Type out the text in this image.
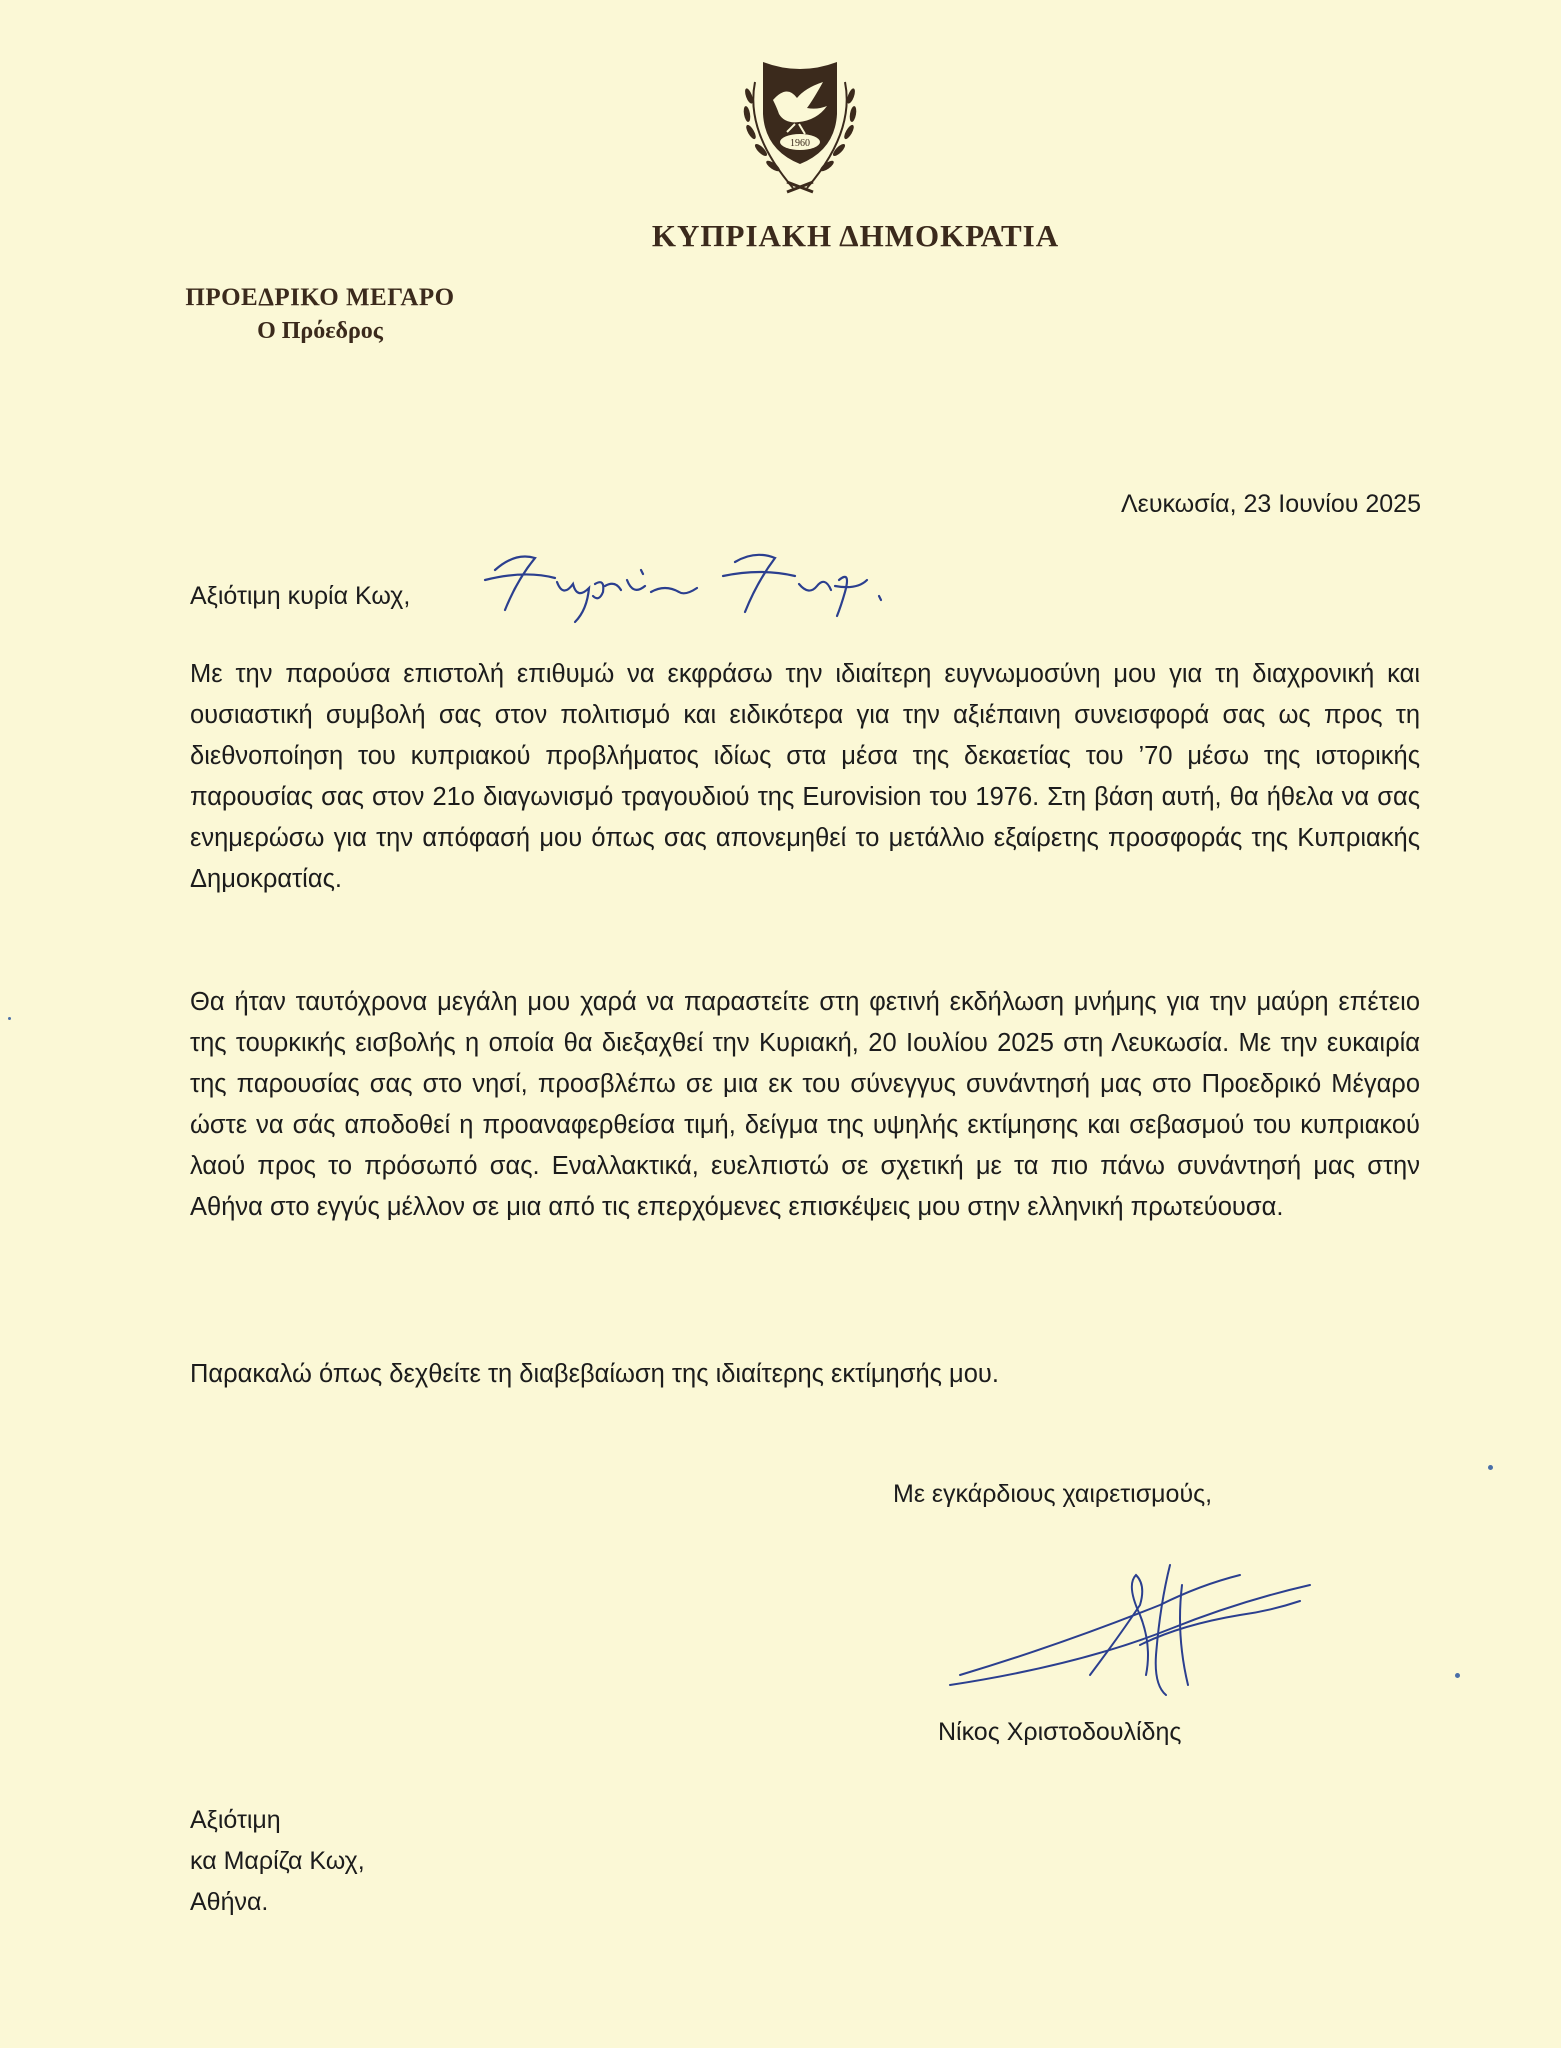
1960
ΚΥΠΡΙΑΚΗ ΔΗΜΟΚΡΑΤΙΑ
ΠΡΟΕΔΡΙΚΟ ΜΕΓΑΡΟ
Ο Πρόεδρος
Λευκωσία, 23 Ιουνίου 2025
Αξιότιμη κυρία Κωχ,

Με την παρούσα επιστολή επιθυμώ να εκφράσω την ιδιαίτερη ευγνωμοσύνη μου για τη διαχρονική και ουσιαστική συμβολή σας στον πολιτισμό και ειδικότερα για την αξιέπαινη συνεισφορά σας ως προς τη διεθνοποίηση του κυπριακού προβλήματος ιδίως στα μέσα της δεκαετίας του ’70 μέσω της ιστορικής παρουσίας σας στον 21ο διαγωνισμό τραγουδιού της Eurovision του 1976. Στη βάση αυτή, θα ήθελα να σας ενημερώσω για την απόφασή μου όπως σας απονεμηθεί το μετάλλιο εξαίρετης προσφοράς της Κυπριακής Δημοκρατίας.

Θα ήταν ταυτόχρονα μεγάλη μου χαρά να παραστείτε στη φετινή εκδήλωση μνήμης για την μαύρη επέτειο της τουρκικής εισβολής η οποία θα διεξαχθεί την Κυριακή, 20 Ιουλίου 2025 στη Λευκωσία. Με την ευκαιρία της παρουσίας σας στο νησί, προσβλέπω σε μια εκ του σύνεγγυς συνάντησή μας στο Προεδρικό Μέγαρο ώστε να σάς αποδοθεί η προαναφερθείσα τιμή, δείγμα της υψηλής εκτίμησης και σεβασμού του κυπριακού λαού προς το πρόσωπό σας. Εναλλακτικά, ευελπιστώ σε σχετική με τα πιο πάνω συνάντησή μας στην Αθήνα στο εγγύς μέλλον σε μια από τις επερχόμενες επισκέψεις μου στην ελληνική πρωτεύουσα.

Παρακαλώ όπως δεχθείτε τη διαβεβαίωση της ιδιαίτερης εκτίμησής μου.

Με εγκάρδιους χαιρετισμούς,
Νίκος Χριστοδουλίδης
Αξιότιμη
κα Μαρίζα Κωχ,
Αθήνα.
